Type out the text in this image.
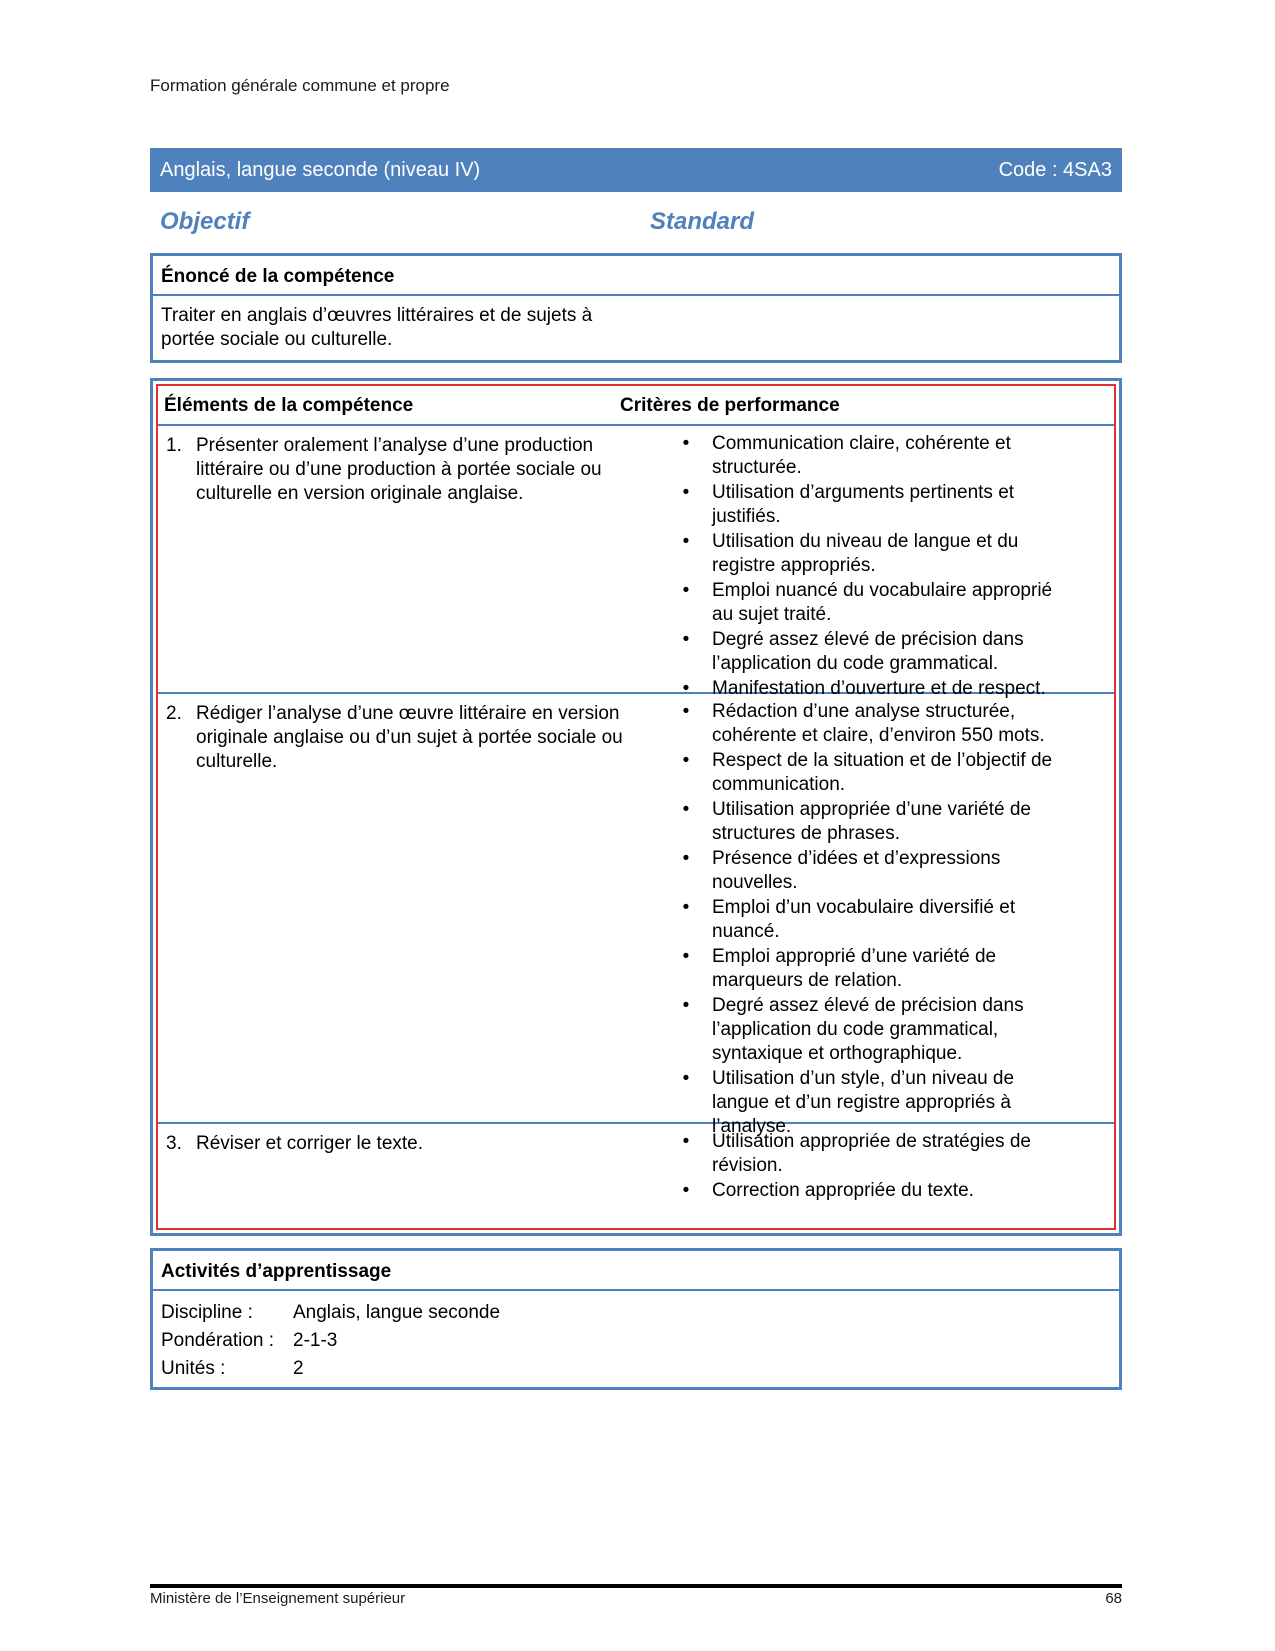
Formation générale commune et propre
Anglais, langue seconde (niveau IV)	Code : 4SA3
Objectif	Standard
Énoncé de la compétence
Traiter en anglais d’œuvres littéraires et de sujets à portée sociale ou culturelle.
Éléments de la compétence	Critères de performance
1. Présenter oralement l’analyse d’une production littéraire ou d’une production à portée sociale ou culturelle en version originale anglaise.
•	Communication claire, cohérente et structurée.
•	Utilisation d’arguments pertinents et justifiés.
•	Utilisation du niveau de langue et du registre appropriés.
•	Emploi nuancé du vocabulaire approprié au sujet traité.
•	Degré assez élevé de précision dans l’application du code grammatical.
•	Manifestation d’ouverture et de respect.
2. Rédiger l’analyse d’une œuvre littéraire en version originale anglaise ou d’un sujet à portée sociale ou culturelle.
•	Rédaction d’une analyse structurée, cohérente et claire, d’environ 550 mots.
•	Respect de la situation et de l’objectif de communication.
•	Utilisation appropriée d’une variété de structures de phrases.
•	Présence d’idées et d’expressions nouvelles.
•	Emploi d’un vocabulaire diversifié et nuancé.
•	Emploi approprié d’une variété de marqueurs de relation.
•	Degré assez élevé de précision dans l’application du code grammatical, syntaxique et orthographique.
•	Utilisation d’un style, d’un niveau de langue et d’un registre appropriés à l’analyse.
3. Réviser et corriger le texte.	•	Utilisation appropriée de stratégies de révision.
•	Correction appropriée du texte.
Activités d’apprentissage
Discipline :	Anglais, langue seconde
Pondération : 2-1-3
Unités :	2
Ministère de l’Enseignement supérieur	68
